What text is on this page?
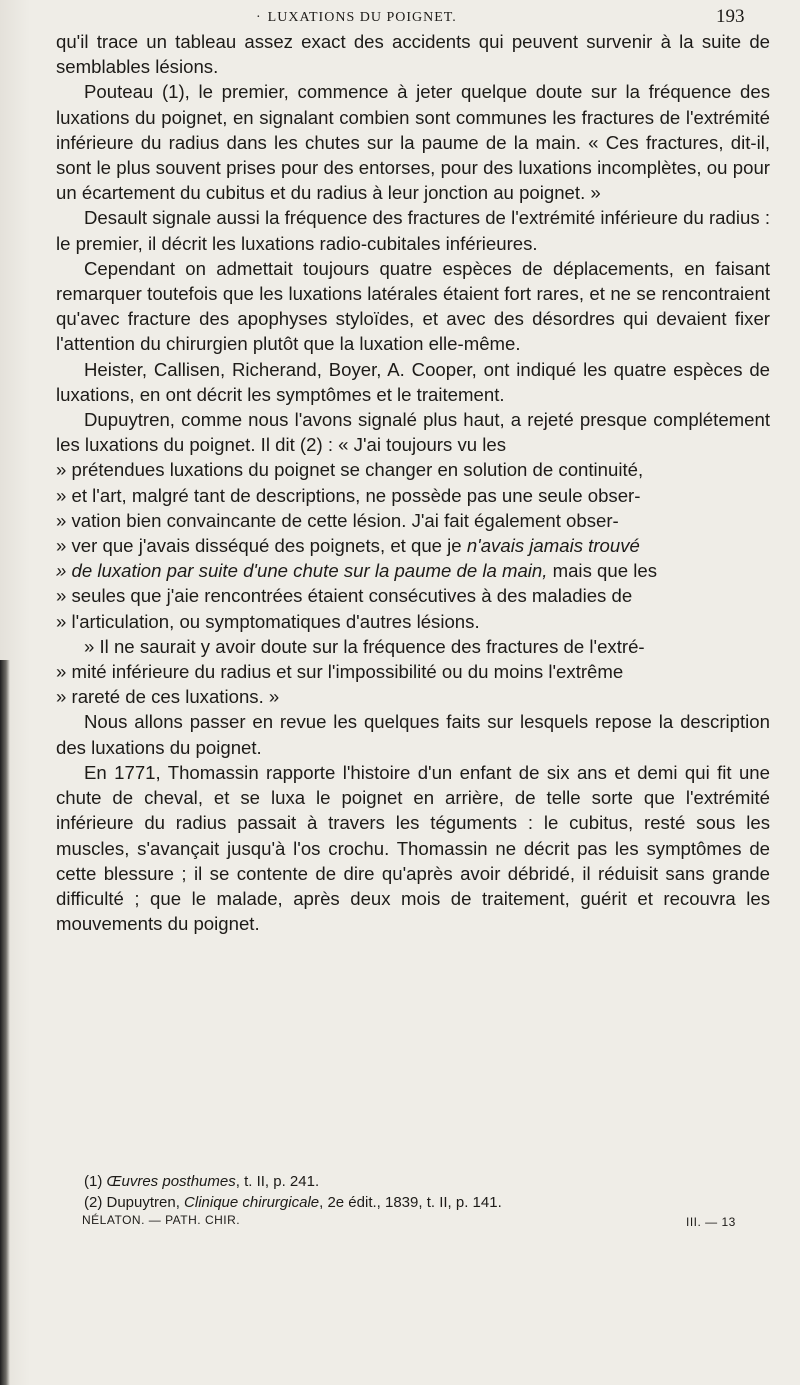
· LUXATIONS DU POIGNET.	193

qu'il trace un tableau assez exact des accidents qui peuvent survenir à la suite de semblables lésions.

Pouteau (1), le premier, commence à jeter quelque doute sur la fréquence des luxations du poignet, en signalant combien sont communes les fractures de l'extrémité inférieure du radius dans les chutes sur la paume de la main. « Ces fractures, dit-il, sont le plus souvent prises pour des entorses, pour des luxations incomplètes, ou pour un écartement du cubitus et du radius à leur jonction au poignet. »

Desault signale aussi la fréquence des fractures de l'extrémité inférieure du radius : le premier, il décrit les luxations radio-cubitales inférieures.

Cependant on admettait toujours quatre espèces de déplacements, en faisant remarquer toutefois que les luxations latérales étaient fort rares, et ne se rencontraient qu'avec fracture des apophyses styloïdes, et avec des désordres qui devaient fixer l'attention du chirurgien plutôt que la luxation elle-même.

Heister, Callisen, Richerand, Boyer, A. Cooper, ont indiqué les quatre espèces de luxations, en ont décrit les symptômes et le traitement.

Dupuytren, comme nous l'avons signalé plus haut, a rejeté presque complétement les luxations du poignet. Il dit (2) : « J'ai toujours vu les

» prétendues luxations du poignet se changer en solution de continuité,

» et l'art, malgré tant de descriptions, ne possède pas une seule obser-

» vation bien convaincante de cette lésion. J'ai fait également obser-

» ver que j'avais disséqué des poignets, et que je n'avais jamais trouvé

» de luxation par suite d'une chute sur la paume de la main, mais que les

» seules que j'aie rencontrées étaient consécutives à des maladies de

» l'articulation, ou symptomatiques d'autres lésions.

» Il ne saurait y avoir doute sur la fréquence des fractures de l'extré-

» mité inférieure du radius et sur l'impossibilité ou du moins l'extrême

» rareté de ces luxations. »

Nous allons passer en revue les quelques faits sur lesquels repose la description des luxations du poignet.

En 1771, Thomassin rapporte l'histoire d'un enfant de six ans et demi qui fit une chute de cheval, et se luxa le poignet en arrière, de telle sorte que l'extrémité inférieure du radius passait à travers les téguments : le cubitus, resté sous les muscles, s'avançait jusqu'à l'os crochu. Thomassin ne décrit pas les symptômes de cette blessure ; il se contente de dire qu'après avoir débridé, il réduisit sans grande difficulté ; que le malade, après deux mois de traitement, guérit et recouvra les mouvements du poignet.

(1) Œuvres posthumes, t. II, p. 241.

(2) Dupuytren, Clinique chirurgicale, 2e édit., 1839, t. II, p. 141.

NÉLATON. — PATH. CHIR.	III. — 13
